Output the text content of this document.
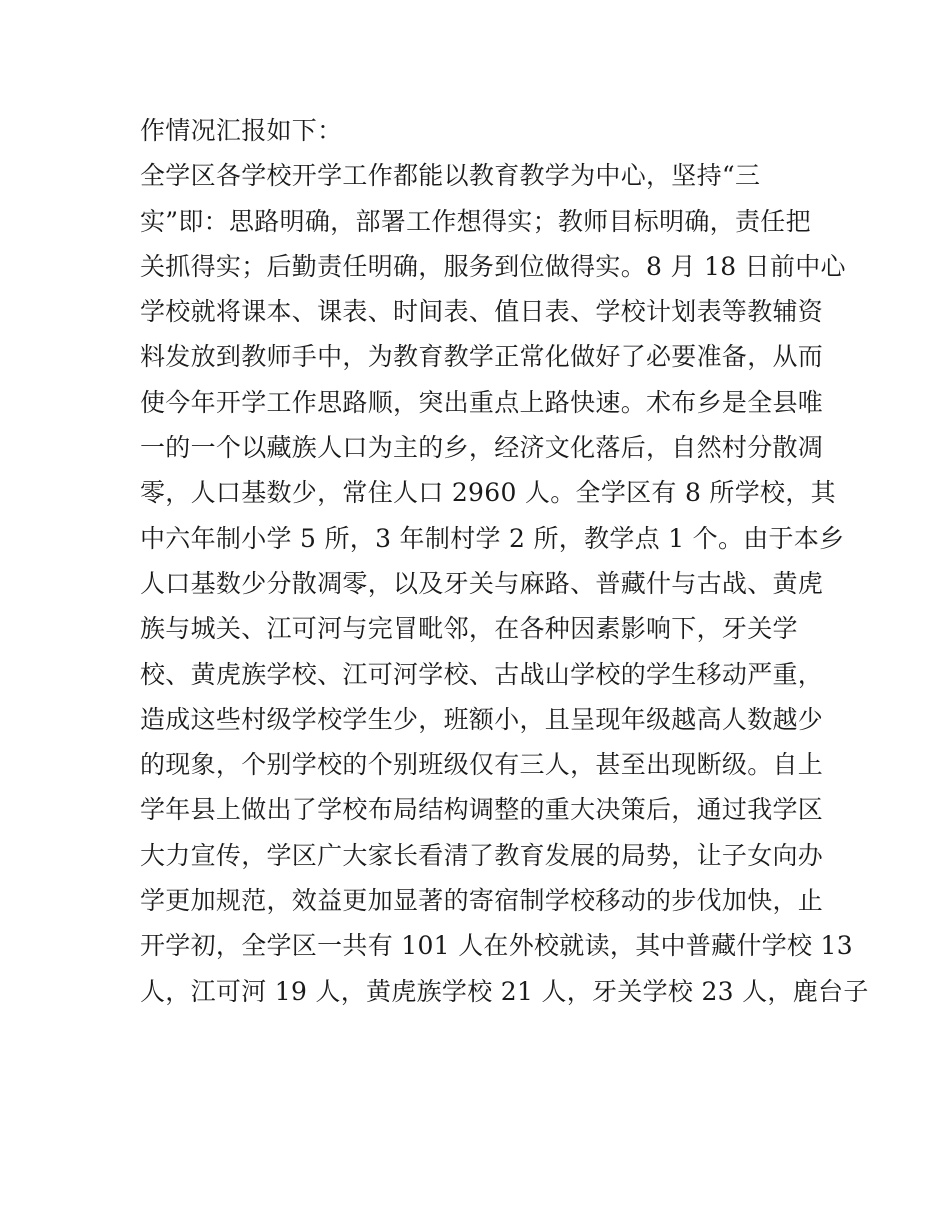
作情况汇报如下：
全学区各学校开学工作都能以教育教学为中心，坚持“三
实”即：思路明确，部署工作想得实；教师目标明确，责任把
关抓得实；后勤责任明确，服务到位做得实。8 月 18 日前中心
学校就将课本、课表、时间表、值日表、学校计划表等教辅资
料发放到教师手中，为教育教学正常化做好了必要准备，从而
使今年开学工作思路顺，突出重点上路快速。术布乡是全县唯
一的一个以藏族人口为主的乡，经济文化落后，自然村分散凋
零，人口基数少，常住人口 2960 人。全学区有 8 所学校，其
中六年制小学 5 所，3 年制村学 2 所，教学点 1 个。由于本乡
人口基数少分散凋零，以及牙关与麻路、普藏什与古战、黄虎
族与城关、江可河与完冒毗邻，在各种因素影响下，牙关学
校、黄虎族学校、江可河学校、古战山学校的学生移动严重，
造成这些村级学校学生少，班额小，且呈现年级越高人数越少
的现象，个别学校的个别班级仅有三人，甚至出现断级。自上
学年县上做出了学校布局结构调整的重大决策后，通过我学区
大力宣传，学区广大家长看清了教育发展的局势，让子女向办
学更加规范，效益更加显著的寄宿制学校移动的步伐加快，止
开学初，全学区一共有 101 人在外校就读，其中普藏什学校 13
人，江可河 19 人，黄虎族学校 21 人，牙关学校 23 人，鹿台子
